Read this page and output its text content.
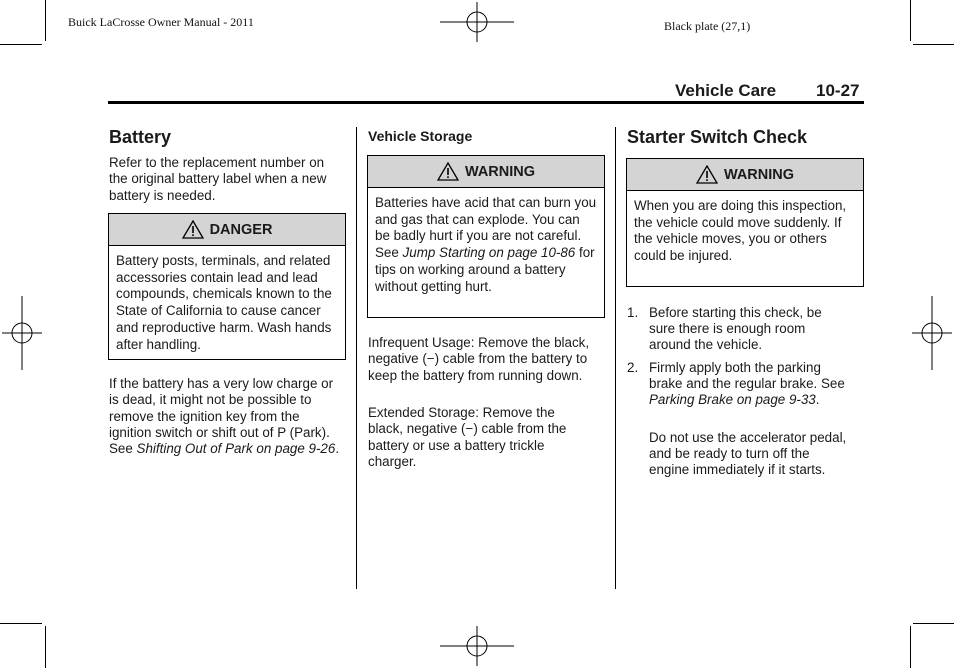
Buick LaCrosse Owner Manual - 2011	Black plate (27,1)
Vehicle Care 10-27
Battery

Refer to the replacement number on the original battery label when a new battery is needed.

DANGER
Battery posts, terminals, and related accessories contain lead and lead compounds, chemicals known to the State of California to cause cancer and reproductive harm. Wash hands after handling.

If the battery has a very low charge or is dead, it might not be possible to remove the ignition key from the ignition switch or shift out of P (Park). See Shifting Out of Park on page 9-26.

Vehicle Storage
WARNING
Batteries have acid that can burn you and gas that can explode. You can be badly hurt if you are not careful. See Jump Starting on page 10-86 for tips on working around a battery without getting hurt.

Infrequent Usage: Remove the black, negative (−) cable from the battery to keep the battery from running down.

Extended Storage: Remove the black, negative (−) cable from the battery or use a battery trickle charger.

Starter Switch Check
WARNING
When you are doing this inspection, the vehicle could move suddenly. If the vehicle moves, you or others could be injured.
1. Before starting this check, be sure there is enough room around the vehicle.
2. Firmly apply both the parking brake and the regular brake. See Parking Brake on page 9-33.

Do not use the accelerator pedal, and be ready to turn off the engine immediately if it starts.
